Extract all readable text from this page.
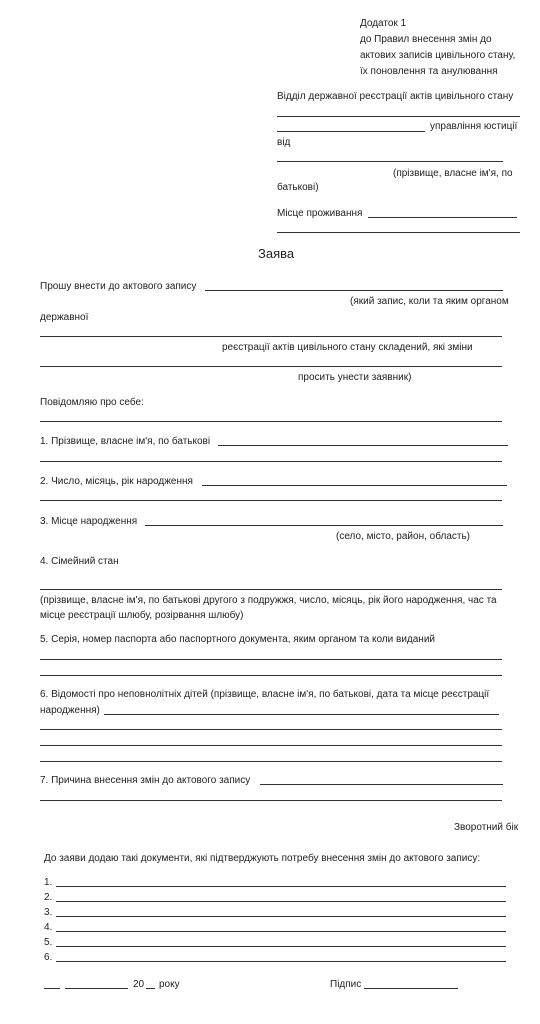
Додаток 1
до Правил внесення змін до
актових записів цивільного стану,
їх поновлення та анулювання
Відділ державної реєстрації актів цивільного стану
управління юстиції
від
(прізвище, власне ім'я, по
батькові)
Місце проживання
Заява
Прошу внести до актового запису
(який запис, коли та яким органом
державної
реєстрації актів цивільного стану складений, які зміни
просить унести заявник)
Повідомляю про себе:
1. Прізвище, власне ім'я, по батькові
2. Число, місяць, рік народження
3. Місце народження
(село, місто, район, область)
4. Сімейний стан
(прізвище, власне ім'я, по батькові другого з подружжя, число, місяць, рік його народження, час та
місце реєстрації шлюбу, розірвання шлюбу)
5. Серія, номер паспорта або паспортного документа, яким органом та коли виданий
6. Відомості про неповнолітніх дітей (прізвище, власне ім'я, по батькові, дата та місце реєстрації
народження)
7. Причина внесення змін до актового запису
Зворотний бік
До заяви додаю такі документи, які підтверджують потребу внесення змін до актового запису:
1.
2.
3.
4.
5.
6.
20 року	Підпис
